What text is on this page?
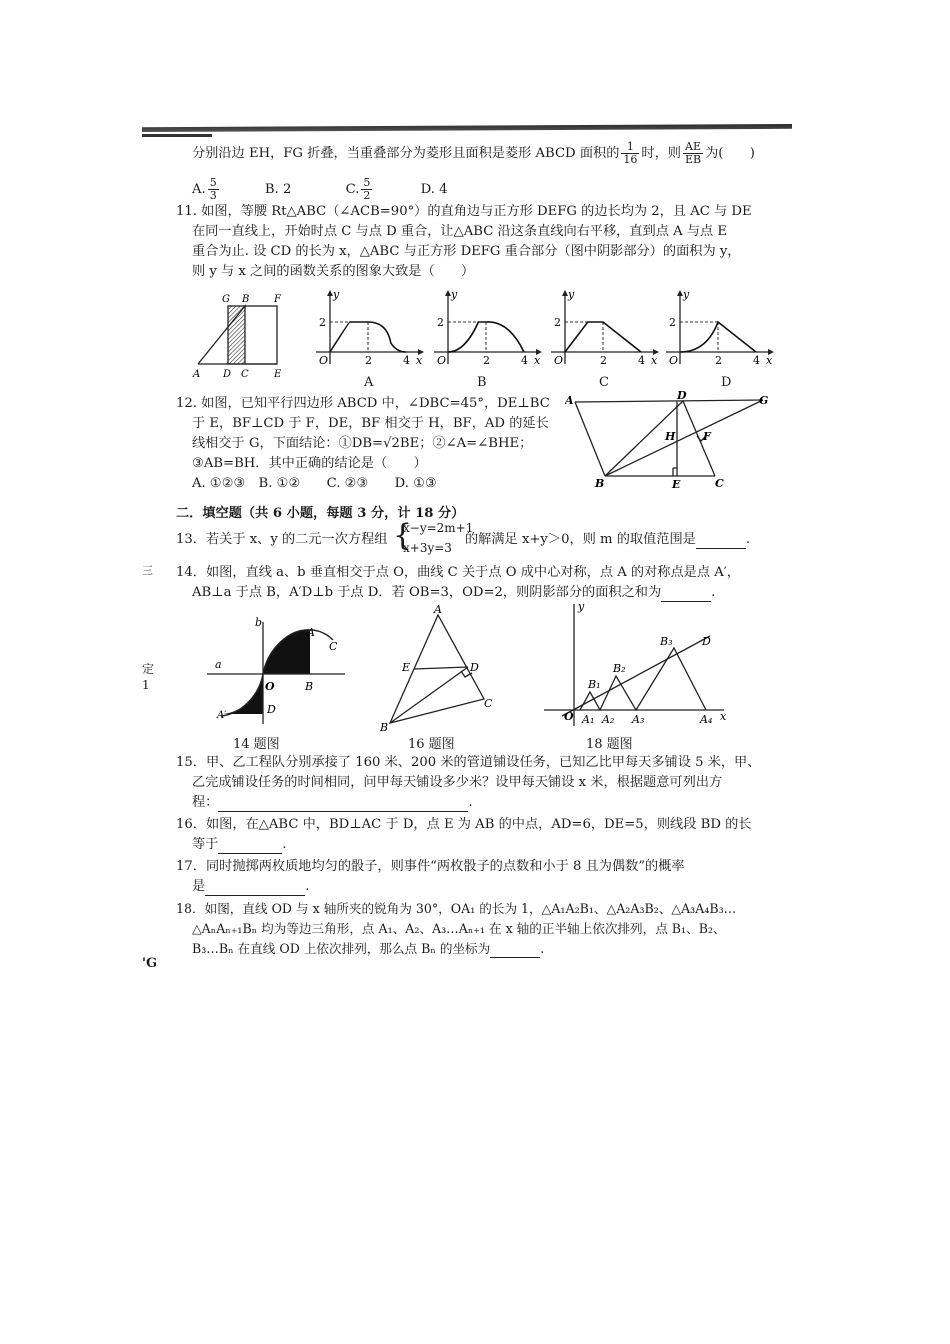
分别沿边 EH，FG 折叠，当重叠部分为菱形且面积是菱形 ABCD 面积的 $\frac{1}{16}$ 时，则 $\frac{AE}{EB}$ 为(　　)
A. $\frac{5}{3}$	B. 2	C. $\frac{5}{2}$	D. 4
11. 如图，等腰 Rt△ABC（∠ACB=90°）的直角边与正方形 DEFG 的边长均为 2，且 AC 与 DE
在同一直线上，开始时点 C 与点 D 重合，让△ABC 沿这条直线向右平移，直到点 A 与点 E
重合为止. 设 CD 的长为 x，△ABC 与正方形 DEFG 重合部分（图中阴影部分）的面积为 y，
则 y 与 x 之间的函数关系的图象大致是（　　）
G B F
A D C	E
y
2
O	2	4 x
y
2
O	2	4 x
y
2
O	2	4 x
y
2
O	2	4 x
A	B	C	D
12. 如图，已知平行四边形 ABCD 中，∠DBC=45°，DE⊥BC
于 E，BF⊥CD 于 F，DE，BF 相交于 H，BF，AD 的延长
线相交于 G，下面结论：①DB=√2BE；②∠A=∠BHE；
③AB=BH．其中正确的结论是（　　）
A. ①②③　B. ①②　　C. ②③　　D. ①③
A	D	G
H	F
B	E	C
二．填空题（共 6 小题，每题 3 分，计 18 分）
13．若关于 x、y 的二元一次方程组 {
x−y=2m+1
x+3y=3
的解满足 x+y＞0，则 m 的取值范围是	.
14．如图，直线 a、b 垂直相交于点 O，曲线 C 关于点 O 成中心对称，点 A 的对称点是点 A′，
AB⊥a 于点 B，A′D⊥b 于点 D．若 OB=3，OD=2，则阴影部分的面积之和为	.
三
定
1
'G
b
A
C
a
O	B
A′	D
14 题图
A
E	D
B
C
16 题图
y
D
B₃
B₂
B₁
O A₁ A₂ A₃	A₄ x
18 题图
15．甲、乙工程队分别承接了 160 米、200 米的管道铺设任务，已知乙比甲每天多铺设 5 米，甲、
乙完成铺设任务的时间相同，问甲每天铺设多少米？设甲每天铺设 x 米，根据题意可列出方
程：	.
16．如图，在△ABC 中，BD⊥AC 于 D，点 E 为 AB 的中点，AD=6，DE=5，则线段 BD 的长
等于	.
17．同时抛掷两枚质地均匀的骰子，则事件“两枚骰子的点数和小于 8 且为偶数”的概率
是	.
18．如图，直线 OD 与 x 轴所夹的锐角为 30°，OA₁ 的长为 1，△A₁A₂B₁、△A₂A₃B₂、△A₃A₄B₃…
△AₙAₙ₊₁Bₙ 均为等边三角形，点 A₁、A₂、A₃…Aₙ₊₁ 在 x 轴的正半轴上依次排列，点 B₁、B₂、
B₃…Bₙ 在直线 OD 上依次排列，那么点 Bₙ 的坐标为	.
